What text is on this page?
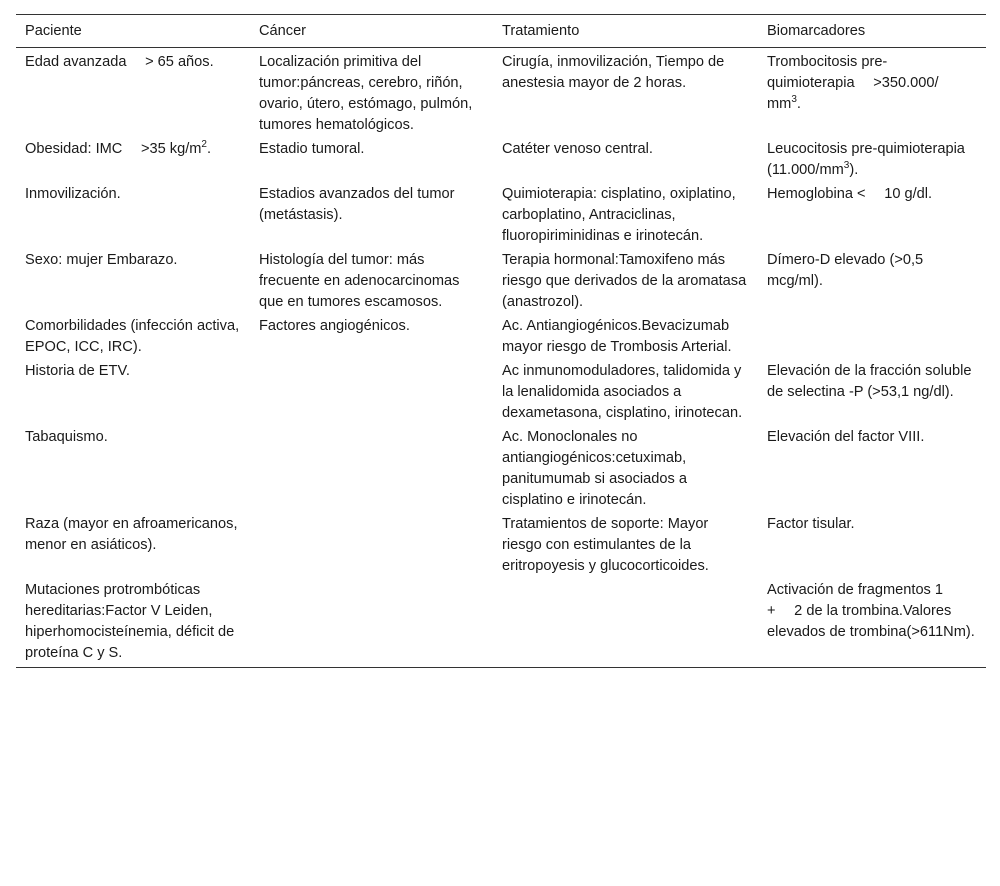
Paciente	Cáncer	Tratamiento	Biomarcadores
Edad avanzada  > 65 años.	Localización primitiva del tumor:páncreas, cerebro, riñón, ovario, útero, estómago, pulmón, tumores hematológicos.	Cirugía, inmovilización, Tiempo de anestesia mayor de 2 horas.	Trombocitosis pre-quimioterapia  >350.000/ $mm^3$.
Obesidad: IMC  >35 $kg/m^2$.	Estadio tumoral.	Catéter venoso central.	Leucocitosis pre-quimioterapia $(11.000/mm^3)$.
Inmovilización.	Estadios avanzados del tumor (metástasis).	Quimioterapia: cisplatino, oxiplatino, carboplatino, Antraciclinas, fluoropiriminidinas e irinotecán.	Hemoglobina <  10 g/dl.
Sexo: mujer Embarazo.	Histología del tumor: más frecuente en adenocarcinomas que en tumores escamosos.	Terapia hormonal:Tamoxifeno más riesgo que derivados de la aromatasa (anastrozol).	Dímero-D elevado (>0,5 mcg/ml).
Comorbilidades (infección activa, EPOC, ICC, IRC).	Factores angiogénicos.	Ac. Antiangiogénicos.Bevacizumab mayor riesgo de Trombosis Arterial.	
Historia de ETV.		Ac inmunomoduladores, talidomida y la lenalidomida asociados a dexametasona, cisplatino, irinotecan.	Elevación de la fracción soluble de selectina -P (>53,1 ng/dl).
Tabaquismo.		Ac. Monoclonales no antiangiogénicos:cetuximab, panitumumab si asociados a cisplatino e irinotecán.	Elevación del factor VIII.
Raza (mayor en afroamericanos, menor en asiáticos).		Tratamientos de soporte: Mayor riesgo con estimulantes de la eritropoyesis y glucocorticoides.	Factor tisular.
Mutaciones protrombóticas hereditarias:Factor V Leiden, hiperhomocisteínemia, déficit de proteína C y S.			Activación de fragmentos 1  +  2 de la trombina.Valores elevados de trombina(>611Nm).
